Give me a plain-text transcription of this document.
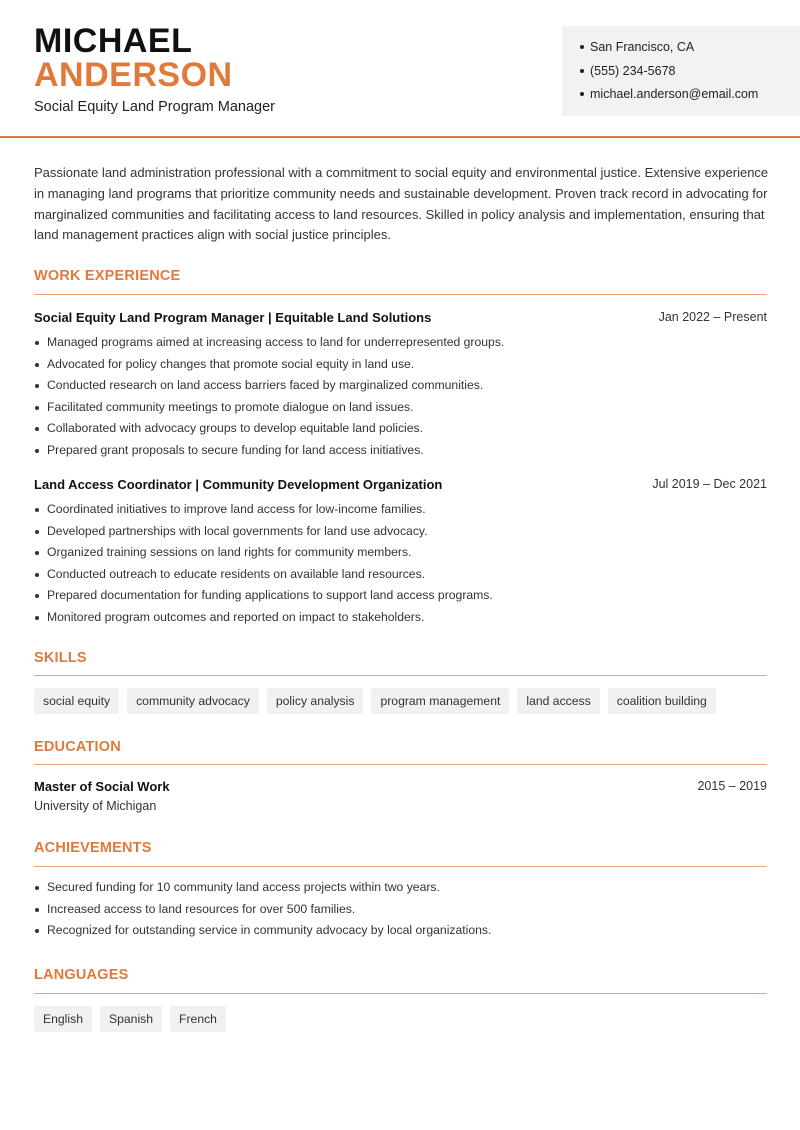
MICHAEL
ANDERSON
Social Equity Land Program Manager
San Francisco, CA
(555) 234-5678
michael.anderson@email.com

Passionate land administration professional with a commitment to social equity and environmental justice. Extensive experience in managing land programs that prioritize community needs and sustainable development. Proven track record in advocating for marginalized communities and facilitating access to land resources. Skilled in policy analysis and implementation, ensuring that land management practices align with social justice principles.

WORK EXPERIENCE
Social Equity Land Program Manager | Equitable Land Solutions	Jan 2022 – Present
Managed programs aimed at increasing access to land for underrepresented groups.
Advocated for policy changes that promote social equity in land use.
Conducted research on land access barriers faced by marginalized communities.
Facilitated community meetings to promote dialogue on land issues.
Collaborated with advocacy groups to develop equitable land policies.
Prepared grant proposals to secure funding for land access initiatives.
Land Access Coordinator | Community Development Organization	Jul 2019 – Dec 2021
Coordinated initiatives to improve land access for low-income families.
Developed partnerships with local governments for land use advocacy.
Organized training sessions on land rights for community members.
Conducted outreach to educate residents on available land resources.
Prepared documentation for funding applications to support land access programs.
Monitored program outcomes and reported on impact to stakeholders.
SKILLS
social equity	community advocacy	policy analysis	program management	land access	coalition building
EDUCATION
Master of Social Work	2015 – 2019
University of Michigan
ACHIEVEMENTS
Secured funding for 10 community land access projects within two years.
Increased access to land resources for over 500 families.
Recognized for outstanding service in community advocacy by local organizations.
LANGUAGES
English	Spanish	French
